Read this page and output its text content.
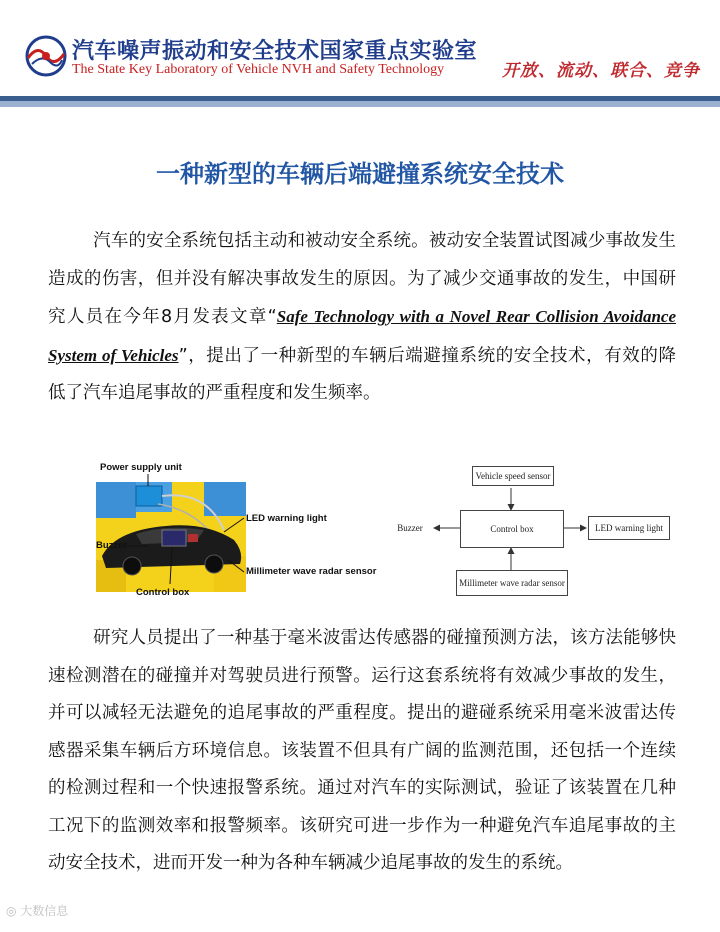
汽车噪声振动和安全技术国家重点实验室
The State Key Laboratory of Vehicle NVH and Safety Technology	开放、流动、联合、竞争
一种新型的车辆后端避撞系统安全技术
汽车的安全系统包括主动和被动安全系统。被动安全装置试图减少事故发生造成的伤害，但并没有解决事故发生的原因。为了减少交通事故的发生，中国研究人员在今年8月发表文章“Safe Technology with a Novel Rear Collision Avoidance System of Vehicles”，提出了一种新型的车辆后端避撞系统的安全技术，有效的降低了汽车追尾事故的严重程度和发生频率。
Power supply unit
LED warning light
Buzzer
Millimeter wave radar sensor
Control box
Vehicle speed sensor
Control box
Buzzer	LED warning light
Millimeter wave radar sensor
研究人员提出了一种基于毫米波雷达传感器的碰撞预测方法，该方法能够快速检测潜在的碰撞并对驾驶员进行预警。运行这套系统将有效减少事故的发生，并可以减轻无法避免的追尾事故的严重程度。提出的避碰系统采用毫米波雷达传感器采集车辆后方环境信息。该装置不但具有广阔的监测范围，还包括一个连续的检测过程和一个快速报警系统。通过对汽车的实际测试，验证了该装置在几种工况下的监测效率和报警频率。该研究可进一步作为一种避免汽车追尾事故的主动安全技术，进而开发一种为各种车辆减少追尾事故的发生的系统。
◎ 大数信息
